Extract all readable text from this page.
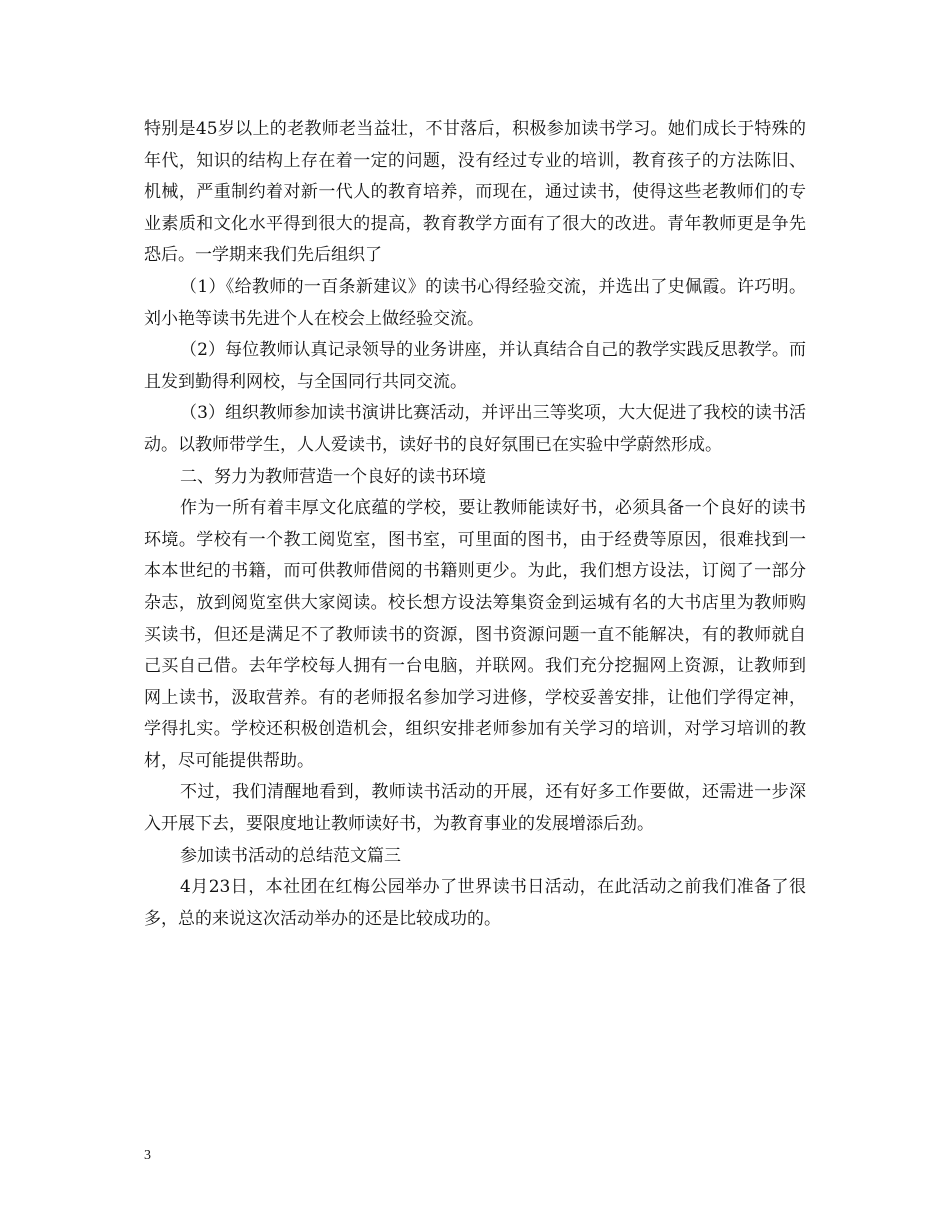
特别是45岁以上的老教师老当益壮，不甘落后，积极参加读书学习。她们成长于特殊的年代，知识的结构上存在着一定的问题，没有经过专业的培训，教育孩子的方法陈旧、机械，严重制约着对新一代人的教育培养，而现在，通过读书，使得这些老教师们的专业素质和文化水平得到很大的提高，教育教学方面有了很大的改进。青年教师更是争先恐后。一学期来我们先后组织了

（1）《给教师的一百条新建议》的读书心得经验交流，并选出了史佩霞。许巧明。刘小艳等读书先进个人在校会上做经验交流。

（2）每位教师认真记录领导的业务讲座，并认真结合自己的教学实践反思教学。而且发到勤得利网校，与全国同行共同交流。

（3）组织教师参加读书演讲比赛活动，并评出三等奖项，大大促进了我校的读书活动。以教师带学生，人人爱读书，读好书的良好氛围已在实验中学蔚然形成。

二、努力为教师营造一个良好的读书环境

作为一所有着丰厚文化底蕴的学校，要让教师能读好书，必须具备一个良好的读书环境。学校有一个教工阅览室，图书室，可里面的图书，由于经费等原因，很难找到一本本世纪的书籍，而可供教师借阅的书籍则更少。为此，我们想方设法，订阅了一部分杂志，放到阅览室供大家阅读。校长想方设法筹集资金到运城有名的大书店里为教师购买读书，但还是满足不了教师读书的资源，图书资源问题一直不能解决，有的教师就自己买自己借。去年学校每人拥有一台电脑，并联网。我们充分挖掘网上资源，让教师到网上读书，汲取营养。有的老师报名参加学习进修，学校妥善安排，让他们学得定神，学得扎实。学校还积极创造机会，组织安排老师参加有关学习的培训，对学习培训的教材，尽可能提供帮助。

不过，我们清醒地看到，教师读书活动的开展，还有好多工作要做，还需进一步深入开展下去，要限度地让教师读好书，为教育事业的发展增添后劲。

参加读书活动的总结范文篇三

4月23日，本社团在红梅公园举办了世界读书日活动，在此活动之前我们准备了很多，总的来说这次活动举办的还是比较成功的。

3
